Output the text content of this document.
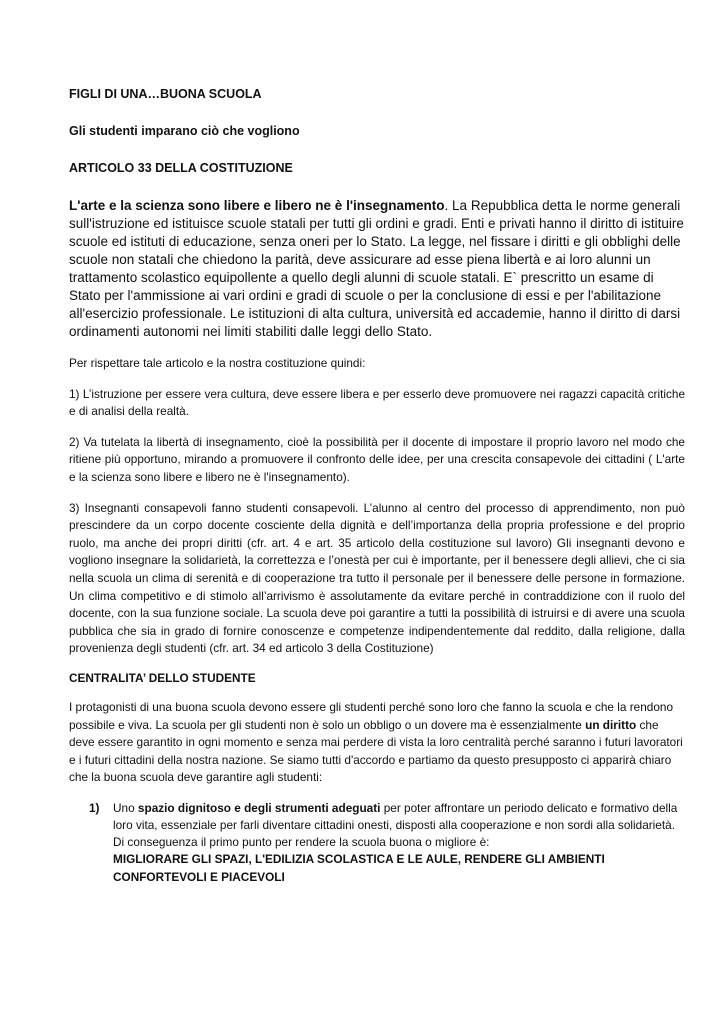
FIGLI DI UNA…BUONA SCUOLA
Gli studenti imparano ciò che vogliono
ARTICOLO 33 DELLA COSTITUZIONE

L'arte e la scienza sono libere e libero ne è l'insegnamento. La Repubblica detta le norme generali sull'istruzione ed istituisce scuole statali per tutti gli ordini e gradi. Enti e privati hanno il diritto di istituire scuole ed istituti di educazione, senza oneri per lo Stato. La legge, nel fissare i diritti e gli obblighi delle scuole non statali che chiedono la parità, deve assicurare ad esse piena libertà e ai loro alunni un trattamento scolastico equipollente a quello degli alunni di scuole statali. E` prescritto un esame di Stato per l'ammissione ai vari ordini e gradi di scuole o per la conclusione di essi e per l'abilitazione all'esercizio professionale. Le istituzioni di alta cultura, università ed accademie, hanno il diritto di darsi ordinamenti autonomi nei limiti stabiliti dalle leggi dello Stato.

Per rispettare tale articolo e la nostra costituzione quindi:

1) L’istruzione per essere vera cultura, deve essere libera e per esserlo deve promuovere nei ragazzi capacità critiche e di analisi della realtà.

2) Va tutelata la libertà di insegnamento, cioè la possibilità per il docente di impostare il proprio lavoro nel modo che ritiene più opportuno, mirando a promuovere il confronto delle idee, per una crescita consapevole dei cittadini ( L'arte e la scienza sono libere e libero ne è l'insegnamento).

3) Insegnanti consapevoli fanno studenti consapevoli. L’alunno al centro del processo di apprendimento, non può prescindere da un corpo docente cosciente della dignità e dell’importanza della propria professione e del proprio ruolo, ma anche dei propri diritti (cfr. art. 4 e art. 35 articolo della costituzione sul lavoro) Gli insegnanti devono e vogliono insegnare la solidarietà, la correttezza e l’onestà per cui è importante, per il benessere degli allievi, che ci sia nella scuola un clima di serenità e di cooperazione tra tutto il personale per il benessere delle persone in formazione. Un clima competitivo e di stimolo all’arrivismo è assolutamente da evitare perché in contraddizione con il ruolo del docente, con la sua funzione sociale. La scuola deve poi garantire a tutti la possibilità di istruirsi e di avere una scuola pubblica che sia in grado di fornire conoscenze e competenze indipendentemente dal reddito, dalla religione, dalla provenienza degli studenti (cfr. art. 34 ed articolo 3 della Costituzione)

CENTRALITA’ DELLO STUDENTE

I protagonisti di una buona scuola devono essere gli studenti perché sono loro che fanno la scuola e che la rendono possibile e viva. La scuola per gli studenti non è solo un obbligo o un dovere ma è essenzialmente un diritto che deve essere garantito in ogni momento e senza mai perdere di vista la loro centralità perché saranno i futuri lavoratori e i futuri cittadini della nostra nazione. Se siamo tutti d'accordo e partiamo da questo presupposto ci apparirà chiaro che la buona scuola deve garantire agli studenti:

1) Uno spazio dignitoso e degli strumenti adeguati per poter affrontare un periodo delicato e formativo della loro vita, essenziale per farli diventare cittadini onesti, disposti alla cooperazione e non sordi alla solidarietà. Di conseguenza il primo punto per rendere la scuola buona o migliore è:
MIGLIORARE GLI SPAZI, L'EDILIZIA SCOLASTICA E LE AULE, RENDERE GLI AMBIENTI CONFORTEVOLI E PIACEVOLI
